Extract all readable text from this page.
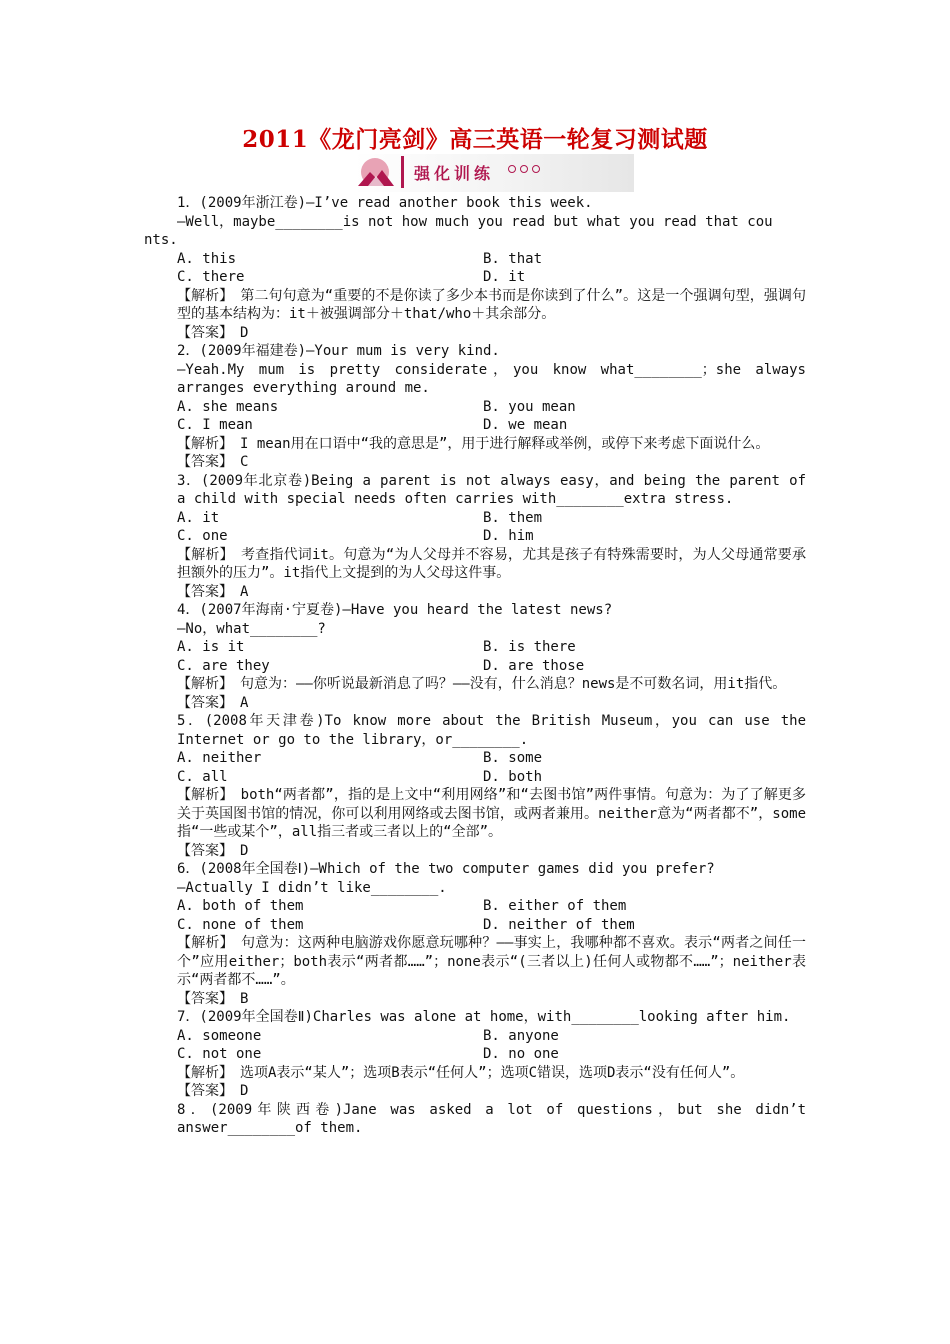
2011《龙门亮剑》高三英语一轮复习测试题
强化训练
1．(2009年浙江卷)—I’ve read another book this week.
—Well，maybe________is not how much you read but what you read that cou
nts.
A. this	B. that
C. there	D. it
【解析】　第二句句意为“重要的不是你读了多少本书而是你读到了什么”。这是一个强调句型，强调句型的基本结构为：it＋被强调部分＋that/who＋其余部分。
【答案】　D
2．(2009年福建卷)—Your mum is very kind.
—Yeah.My mum is pretty considerate，you know what________；she always arranges everything around me.
A. she means	B. you mean
C. I mean	D. we mean
【解析】　I mean用在口语中“我的意思是”，用于进行解释或举例，或停下来考虑下面说什么。
【答案】　C
3．(2009年北京卷)Being a parent is not always easy，and being the parent of a child with special needs often carries with________extra stress.
A. it	B. them
C. one	D. him
【解析】　考查指代词it。句意为“为人父母并不容易，尤其是孩子有特殊需要时，为人父母通常要承担额外的压力”。it指代上文提到的为人父母这件事。
【答案】　A
4．(2007年海南·宁夏卷)—Have you heard the latest news?
—No，what________?
A. is it	B. is there
C. are they	D. are those
【解析】　句意为：——你听说最新消息了吗？——没有，什么消息？news是不可数名词，用it指代。
【答案】　A
5．(2008年天津卷)To know more about the British Museum，you can use the Internet or go to the library，or________.
A. neither	B. some
C. all	D. both
【解析】　both“两者都”，指的是上文中“利用网络”和“去图书馆”两件事情。句意为：为了了解更多关于英国图书馆的情况，你可以利用网络或去图书馆，或两者兼用。neither意为“两者都不”，some指“一些或某个”，all指三者或三者以上的“全部”。
【答案】　D
6．(2008年全国卷Ⅰ)—Which of the two computer games did you prefer?
—Actually I didn’t like________.
A. both of them	B. either of them
C. none of them	D. neither of them
【解析】　句意为：这两种电脑游戏你愿意玩哪种？——事实上，我哪种都不喜欢。表示“两者之间任一个”应用either；both表示“两者都……”；none表示“(三者以上)任何人或物都不……”；neither表示“两者都不……”。
【答案】　B
7．(2009年全国卷Ⅱ)Charles was alone at home，with________looking after him.
A. someone	B. anyone
C. not one	D. no one
【解析】　选项A表示“某人”；选项B表示“任何人”；选项C错误，选项D表示“没有任何人”。
【答案】　D
8．(2009年陕西卷)Jane was asked a lot of questions，but she didn’t answer________of them.
